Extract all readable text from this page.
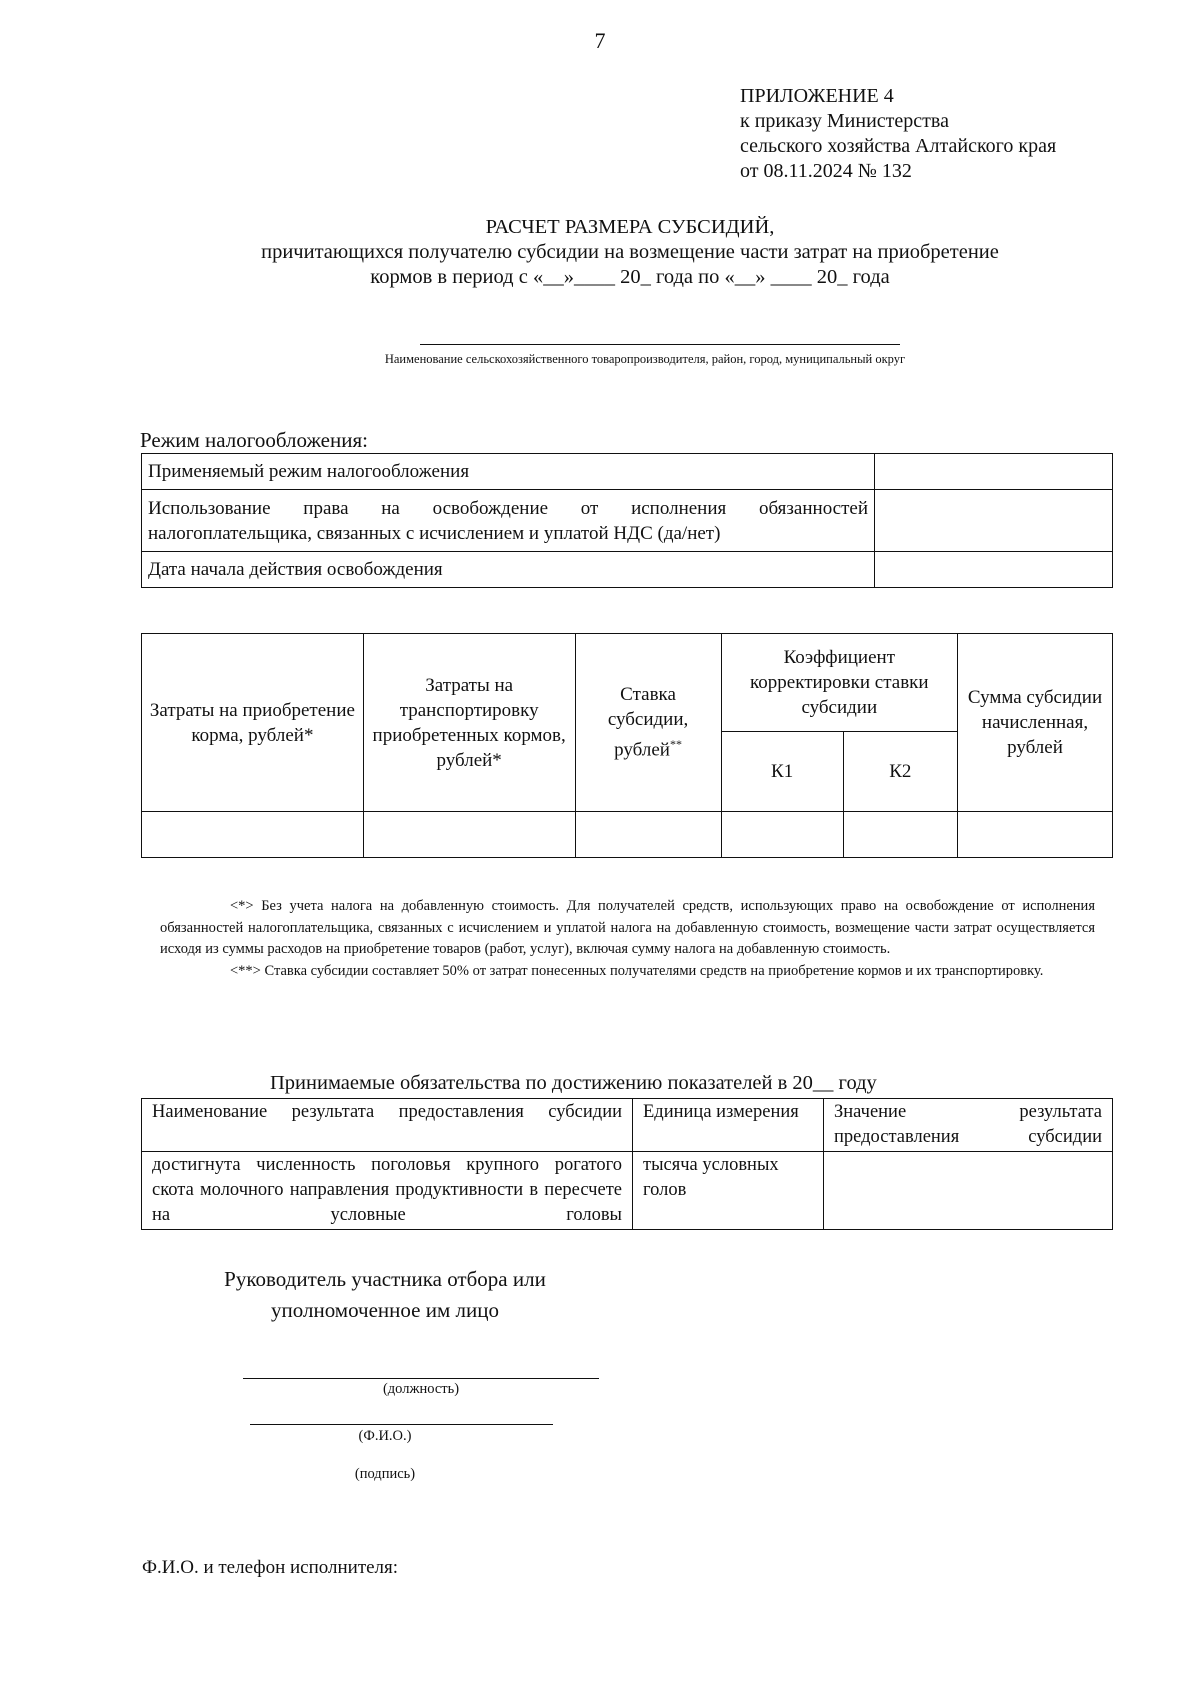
7
ПРИЛОЖЕНИЕ 4
к приказу Министерства
сельского хозяйства Алтайского края
от 08.11.2024 № 132
РАСЧЕТ РАЗМЕРА СУБСИДИЙ,
причитающихся получателю субсидии на возмещение части затрат на приобретение
кормов в период с «__»____ 20_ года по «__» ____ 20_ года
Наименование сельскохозяйственного товаропроизводителя, район, город, муниципальный округ
Режим налогообложения:
Применяемый режим налогообложения	
Использование права на освобождение от исполнения обязанностей налогоплательщика, связанных с исчислением и уплатой НДС (да/нет)	
Дата начала действия освобождения	
Затраты на приобретение корма, рублей*	Затраты на транспортировку приобретенных кормов, рублей*	Ставка субсидии, рублей**	Коэффициент корректировки ставки субсидии		Сумма субсидии начисленная, рублей
			К1	К2	

<*> Без учета налога на добавленную стоимость. Для получателей средств, использующих право на освобождение от исполнения обязанностей налогоплательщика, связанных с исчислением и уплатой налога на добавленную стоимость, возмещение части затрат осуществляется исходя из суммы расходов на приобретение товаров (работ, услуг), включая сумму налога на добавленную стоимость.

<**> Ставка субсидии составляет 50% от затрат понесенных получателями средств на приобретение кормов и их транспортировку.

Принимаемые обязательства по достижению показателей в 20__ году
Наименование результата предоставления субсидии	Единица измерения	Значение результата предоставления субсидии
достигнута численность поголовья крупного рогатого скота молочного направления продуктивности в пересчете на условные головы	тысяча условных голов	
Руководитель участника отбора или
уполномоченное им лицо
(должность)
(Ф.И.О.)
(подпись)
Ф.И.О. и телефон исполнителя:
